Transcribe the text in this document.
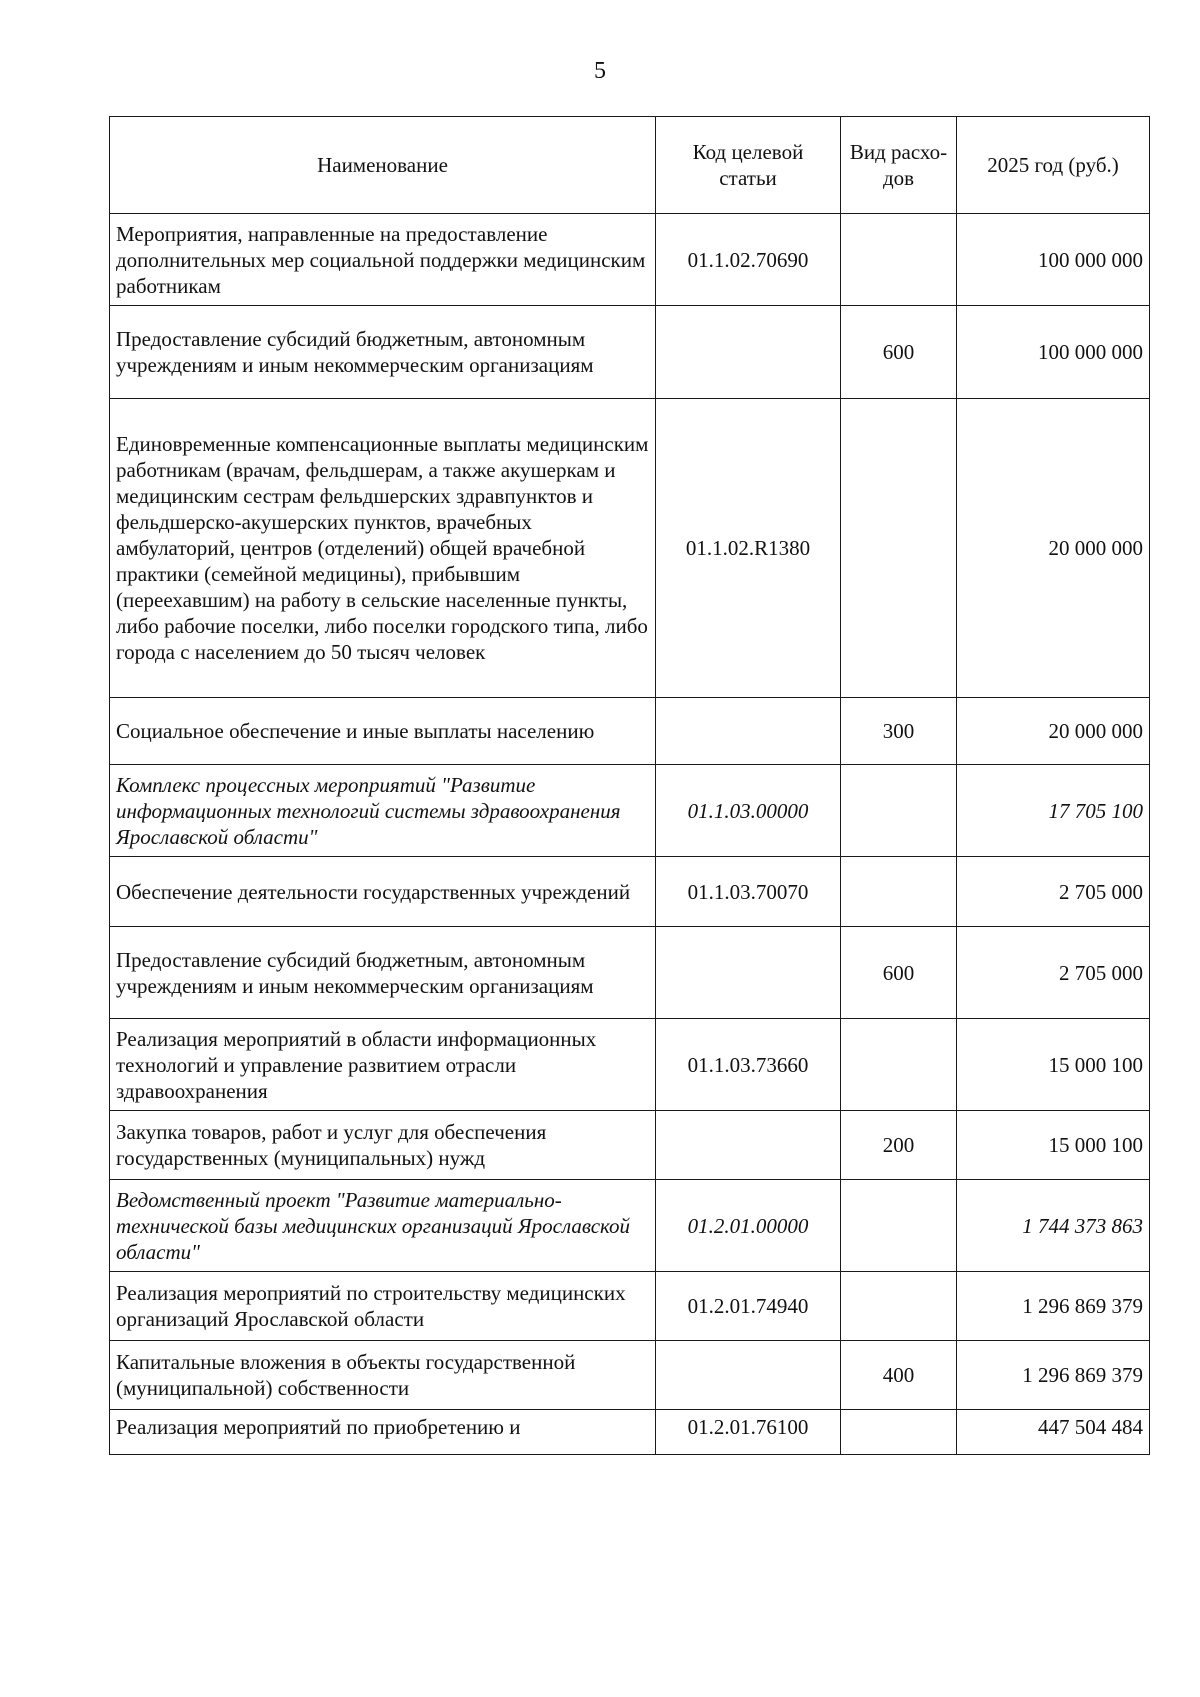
5
Наименование	Код целевой статьи	Вид расхо-дов	2025 год (руб.)
Мероприятия, направленные на предоставление дополнительных мер социальной поддержки медицинским работникам	01.1.02.70690		100 000 000
Предоставление субсидий бюджетным, автономным учреждениям и иным некоммерческим организациям		600	100 000 000
Единовременные компенсационные выплаты медицинским работникам (врачам, фельдшерам, а также акушеркам и медицинским сестрам фельдшерских здравпунктов и фельдшерско-акушерских пунктов, врачебных амбулаторий, центров (отделений) общей врачебной практики (семейной медицины), прибывшим (переехавшим) на работу в сельские населенные пункты, либо рабочие поселки, либо поселки городского типа, либо города с населением до 50 тысяч человек	01.1.02.R1380		20 000 000
Социальное обеспечение и иные выплаты населению		300	20 000 000
Комплекс процессных мероприятий "Развитие информационных технологий системы здравоохранения Ярославской области"	01.1.03.00000		17 705 100
Обеспечение деятельности государственных учреждений	01.1.03.70070		2 705 000
Предоставление субсидий бюджетным, автономным учреждениям и иным некоммерческим организациям		600	2 705 000
Реализация мероприятий в области информационных технологий и управление развитием отрасли здравоохранения	01.1.03.73660		15 000 100
Закупка товаров, работ и услуг для обеспечения государственных (муниципальных) нужд		200	15 000 100
Ведомственный проект "Развитие материально-технической базы медицинских организаций Ярославской области"	01.2.01.00000		1 744 373 863
Реализация мероприятий по строительству медицинских организаций Ярославской области	01.2.01.74940		1 296 869 379
Капитальные вложения в объекты государственной (муниципальной) собственности		400	1 296 869 379
Реализация мероприятий по приобретению и	01.2.01.76100		447 504 484
